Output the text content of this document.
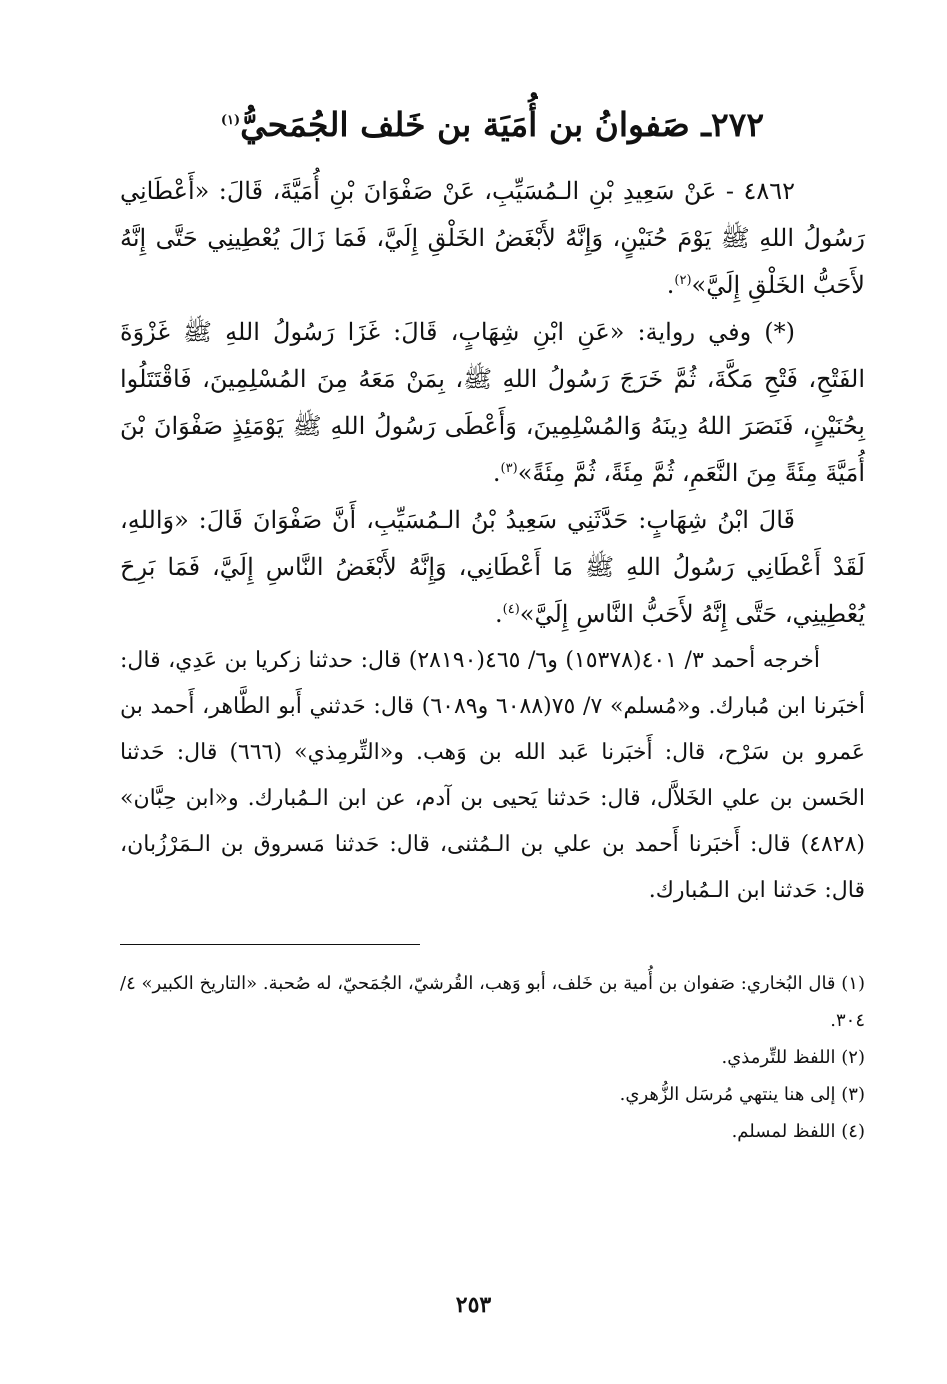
٢٧٢ـ صَفوانُ بن أُمَيَة بن خَلف الجُمَحيُّ$^{(١)}$

٤٨٦٢ - عَنْ سَعِيدِ بْنِ الـمُسَيِّبِ، عَنْ صَفْوَانَ بْنِ أُمَيَّةَ، قَالَ: «أَعْطَانِي رَسُولُ اللهِ ﷺ يَوْمَ حُنَيْنٍ، وَإِنَّهُ لأَبْغَضُ الخَلْقِ إِلَيَّ، فَمَا زَالَ يُعْطِينِي حَتَّى إِنَّهُ لأَحَبُّ الخَلْقِ إِلَيَّ»$^{(٢)}$.

(*) وفي رواية: «عَنِ ابْنِ شِهَابٍ، قَالَ: غَزَا رَسُولُ اللهِ ﷺ غَزْوَةَ الفَتْحِ، فَتْحِ مَكَّةَ، ثُمَّ خَرَجَ رَسُولُ اللهِ ﷺ، بِمَنْ مَعَهُ مِنَ المُسْلِمِينَ، فَاقْتَتَلُوا بِحُنَيْنٍ، فَنَصَرَ اللهُ دِينَهُ وَالمُسْلِمِينَ، وَأَعْطَى رَسُولُ اللهِ ﷺ يَوْمَئِذٍ صَفْوَانَ بْنَ أُمَيَّةَ مِئَةً مِنَ النَّعَمِ، ثُمَّ مِئَةً، ثُمَّ مِئَةً»$^{(٣)}$.

قَالَ ابْنُ شِهَابٍ: حَدَّثَنِي سَعِيدُ بْنُ الـمُسَيِّبِ، أَنَّ صَفْوَانَ قَالَ: «وَاللهِ، لَقَدْ أَعْطَانِي رَسُولُ اللهِ ﷺ مَا أَعْطَانِي، وَإِنَّهُ لأَبْغَضُ النَّاسِ إِلَيَّ، فَمَا بَرِحَ يُعْطِينِي، حَتَّى إِنَّهُ لأَحَبُّ النَّاسِ إِلَيَّ»$^{(٤)}$.

أخرجه أحمد ٣/ ٤٠١(١٥٣٧٨) و٦/ ٤٦٥(٢٨١٩٠) قال: حدثنا زكريا بن عَدِي، قال: أخبَرنا ابن مُبارك. و«مُسلم» ٧/ ٧٥(٦٠٨٨ و٦٠٨٩) قال: حَدثني أَبو الطَّاهر، أَحمد بن عَمرو بن سَرْح، قال: أَخبَرنا عَبد الله بن وَهب. و«التِّرمِذي» (٦٦٦) قال: حَدثنا الحَسن بن علي الخَلاَّل، قال: حَدثنا يَحيى بن آدم، عن ابن الـمُبارك. و«ابن حِبَّان» (٤٨٢٨) قال: أَخبَرنا أَحمد بن علي بن الـمُثنى، قال: حَدثنا مَسروق بن الـمَرْزُبان، قال: حَدثنا ابن الـمُبارك.

(١) قال البُخاري: صَفوان بن أُمية بن خَلف، أبو وَهب، القُرشيّ، الجُمَحيّ، له صُحبة. «التاريخ الكبير» ٤/ ٣٠٤.

(٢) اللفظ للتِّرمذي.

(٣) إلى هنا ينتهي مُرسَل الزُّهري.

(٤) اللفظ لمسلم.

٢٥٣
